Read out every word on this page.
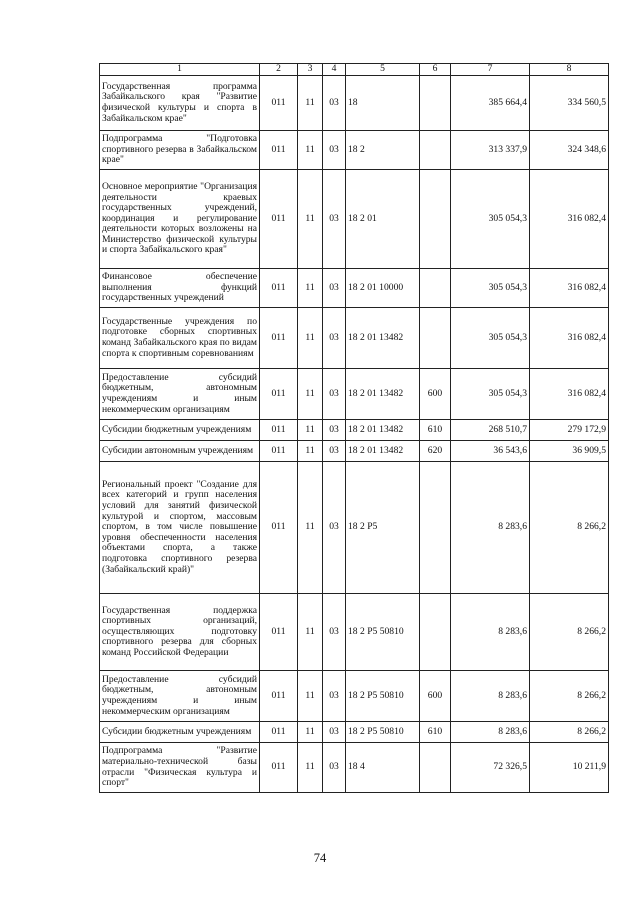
1	2	3	4	5	6	7	8
Государственная программа Забайкальского края "Развитие физической культуры и спорта в Забайкальском крае"	011	11	03	18		385 664,4	334 560,5
Подпрограмма "Подготовка спортивного резерва в Забайкальском крае"	011	11	03	18 2		313 337,9	324 348,6
Основное мероприятие "Организация деятельности краевых государственных учреждений, координация и регулирование деятельности которых возложены на Министерство физической культуры и спорта Забайкальского края"	011	11	03	18 2 01		305 054,3	316 082,4
Финансовое обеспечение выполнения функций государственных учреждений	011	11	03	18 2 01 10000		305 054,3	316 082,4
Государственные учреждения по подготовке сборных спортивных команд Забайкальского края по видам спорта к спортивным соревнованиям	011	11	03	18 2 01 13482		305 054,3	316 082,4
Предоставление субсидий бюджетным, автономным учреждениям и иным некоммерческим организациям	011	11	03	18 2 01 13482	600	305 054,3	316 082,4
Субсидии бюджетным учреждениям	011	11	03	18 2 01 13482	610	268 510,7	279 172,9
Субсидии автономным учреждениям	011	11	03	18 2 01 13482	620	36 543,6	36 909,5
Региональный проект "Создание для всех категорий и групп населения условий для занятий физической культурой и спортом, массовым спортом, в том числе повышение уровня обеспеченности населения объектами спорта, а также подготовка спортивного резерва (Забайкальский край)"	011	11	03	18 2 P5		8 283,6	8 266,2
Государственная поддержка спортивных организаций, осуществляющих подготовку спортивного резерва для сборных команд Российской Федерации	011	11	03	18 2 P5 50810		8 283,6	8 266,2
Предоставление субсидий бюджетным, автономным учреждениям и иным некоммерческим организациям	011	11	03	18 2 P5 50810	600	8 283,6	8 266,2
Субсидии бюджетным учреждениям	011	11	03	18 2 P5 50810	610	8 283,6	8 266,2
Подпрограмма "Развитие материально-технической базы отрасли "Физическая культура и спорт"	011	11	03	18 4		72 326,5	10 211,9
74
